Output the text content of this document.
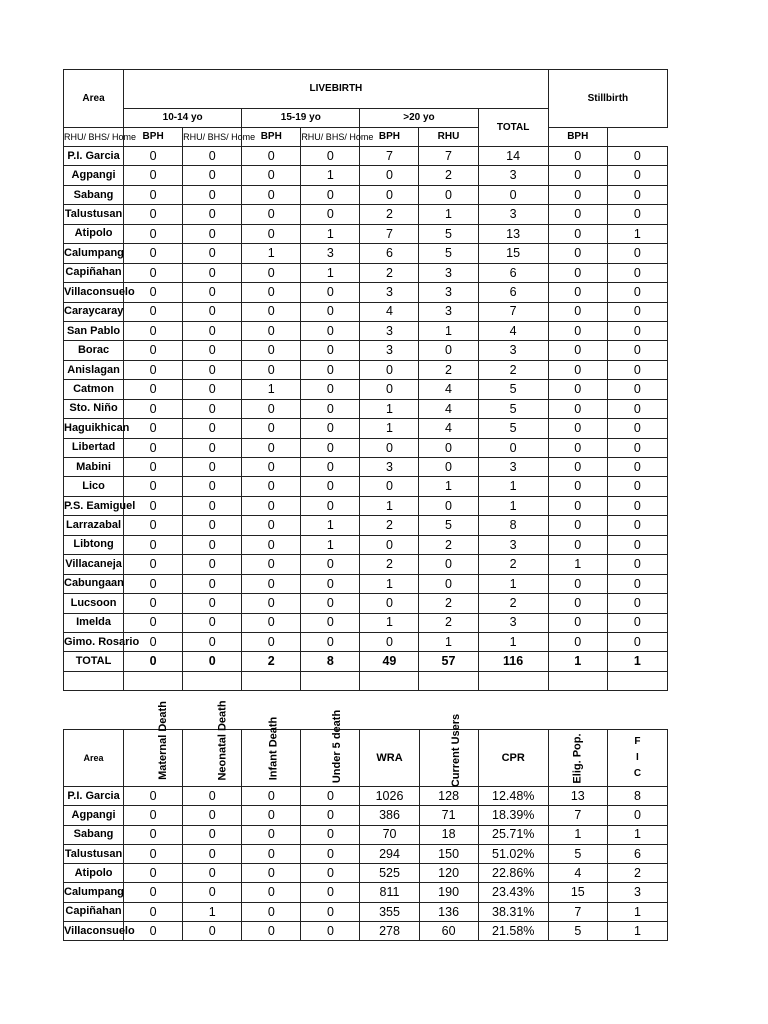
Area	LIVEBIRTH							Stillbirth	
	10-14 yo		15-19 yo		>20 yo		TOTAL		
RHU/ BHS/ Home	BPH	RHU/ BHS/ Home	BPH	RHU/ BHS/ Home	BPH	RHU		BPH	
P.I. Garcia	0	0	0	0	7	7	14	0	0
Agpangi	0	0	0	1	0	2	3	0	0
Sabang	0	0	0	0	0	0	0	0	0
Talustusan	0	0	0	0	2	1	3	0	0
Atipolo	0	0	0	1	7	5	13	0	1
Calumpang	0	0	1	3	6	5	15	0	0
Capiñahan	0	0	0	1	2	3	6	0	0
Villaconsuelo	0	0	0	0	3	3	6	0	0
Caraycaray	0	0	0	0	4	3	7	0	0
San Pablo	0	0	0	0	3	1	4	0	0
Borac	0	0	0	0	3	0	3	0	0
Anislagan	0	0	0	0	0	2	2	0	0
Catmon	0	0	1	0	0	4	5	0	0
Sto. Niño	0	0	0	0	1	4	5	0	0
Haguikhican	0	0	0	0	1	4	5	0	0
Libertad	0	0	0	0	0	0	0	0	0
Mabini	0	0	0	0	3	0	3	0	0
Lico	0	0	0	0	0	1	1	0	0
P.S. Eamiguel	0	0	0	0	1	0	1	0	0
Larrazabal	0	0	0	1	2	5	8	0	0
Libtong	0	0	0	1	0	2	3	0	0
Villacaneja	0	0	0	0	2	0	2	1	0
Cabungaan	0	0	0	0	1	0	1	0	0
Lucsoon	0	0	0	0	0	2	2	0	0
Imelda	0	0	0	0	1	2	3	0	0
Gimo. Rosario	0	0	0	0	0	1	1	0	0
TOTAL	0	0	2	8	49	57	116	1	1

Area	Maternal Death	Neonatal Death	Infant Death	Under 5 death	WRA	Current Users	CPR	Elig. Pop.	F
I
C

P.I. Garcia	0	0	0	0	1026	128	12.48%	13	8
Agpangi	0	0	0	0	386	71	18.39%	7	0
Sabang	0	0	0	0	70	18	25.71%	1	1
Talustusan	0	0	0	0	294	150	51.02%	5	6
Atipolo	0	0	0	0	525	120	22.86%	4	2
Calumpang	0	0	0	0	811	190	23.43%	15	3
Capiñahan	0	1	0	0	355	136	38.31%	7	1
Villaconsuelo	0	0	0	0	278	60	21.58%	5	1
